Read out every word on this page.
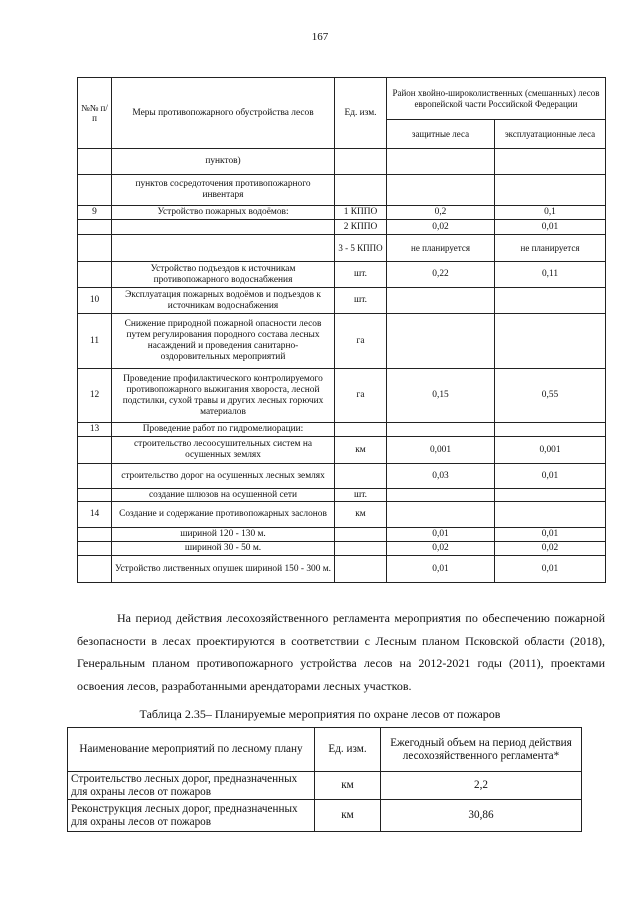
167
№№ п/п	Меры противопожарного обустройства лесов	Ед. изм.	Район хвойно-широколиственных (смешанных) лесов европейской части Российской Федерации	
			защитные леса	эксплуатационные леса
	пунктов)			
	пунктов сосредоточения противопожарного инвентаря			
9	Устройство пожарных водоёмов:	1 КППО	0,2	0,1
		2 КППО	0,02	0,01
		3 - 5 КППО	не планируется	не планируется
	Устройство подъездов к источникам противопожарного водоснабжения	шт.	0,22	0,11
10	Эксплуатация пожарных водоёмов и подъездов к источникам водоснабжения	шт.		
11	Снижение природной пожарной опасности лесов путем регулирования породного состава лесных насаждений и проведения санитарно-оздоровительных мероприятий	га		
12	Проведение профилактического контролируемого противопожарного выжигания хвороста, лесной подстилки, сухой травы и других лесных горючих материалов	га	0,15	0,55
13	Проведение работ по гидромелиорации:			
	строительство лесоосушительных систем на осушенных землях	км	0,001	0,001
	строительство дорог на осушенных лесных землях		0,03	0,01
	создание шлюзов на осушенной сети	шт.		
14	Создание и содержание противопожарных заслонов	км		
	шириной 120 - 130 м.		0,01	0,01
	шириной 30 - 50 м.		0,02	0,02
	Устройство лиственных опушек шириной 150 - 300 м.		0,01	0,01

На период действия лесохозяйственного регламента мероприятия по обеспечению пожарной безопасности в лесах проектируются в соответствии с Лесным планом Псковской области (2018), Генеральным планом противопожарного устройства лесов на 2012-2021 годы (2011), проектами освоения лесов, разработанными арендаторами лесных участков.

Таблица 2.35– Планируемые мероприятия по охране лесов от пожаров
Наименование мероприятий по лесному плану	Ед. изм.	Ежегодный объем на период действия лесохозяйственного регламента*
Строительство лесных дорог, предназначенных для охраны лесов от пожаров	км	2,2
Реконструкция лесных дорог, предназначенных для охраны лесов от пожаров	км	30,86
